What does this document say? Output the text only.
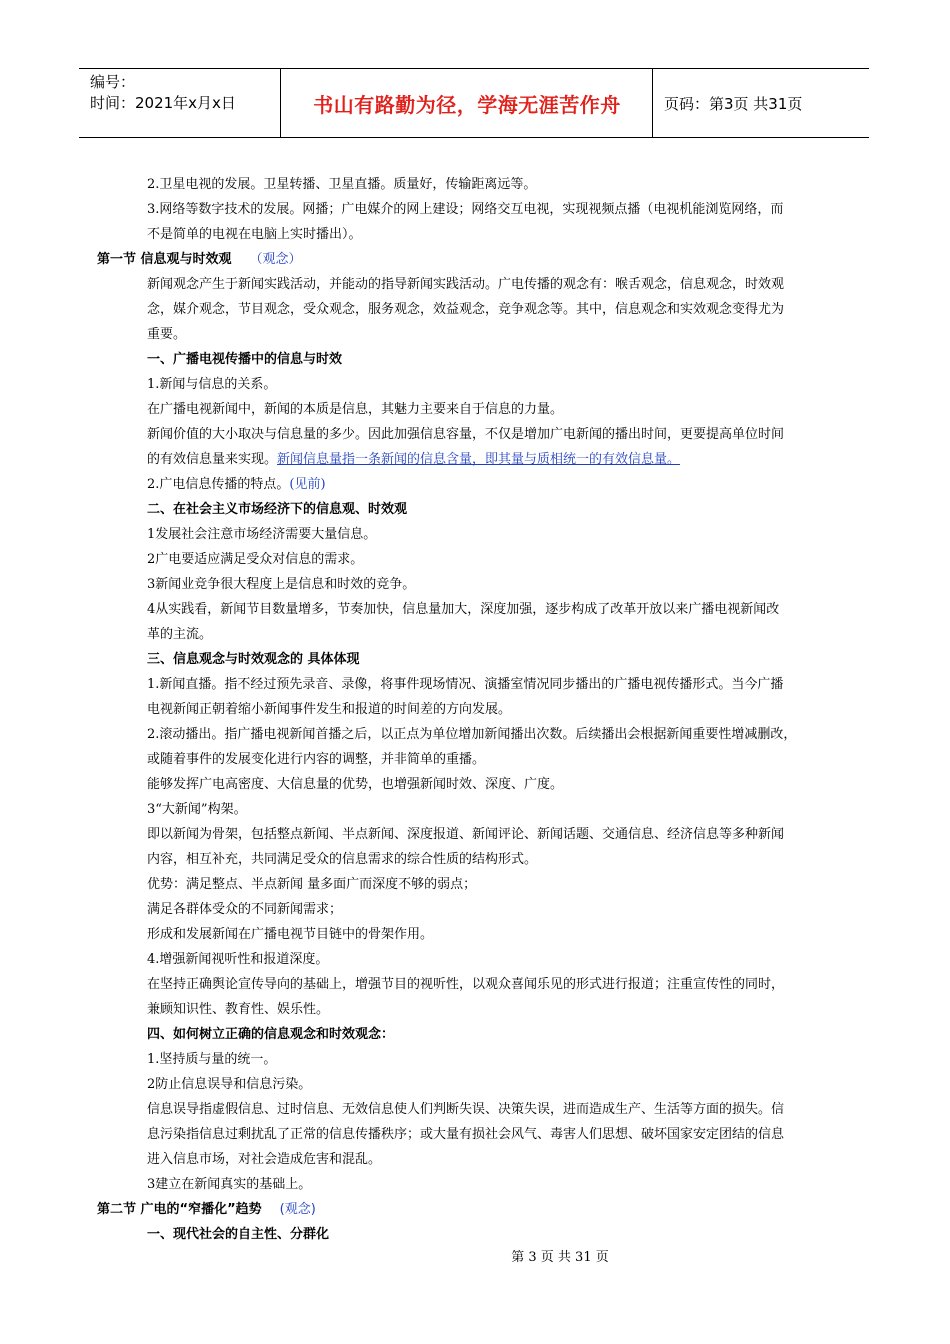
编号：
时间：2021年x月x日	书山有路勤为径，学海无涯苦作舟	页码：第3页 共31页
2.卫星电视的发展。卫星转播、卫星直播。质量好，传输距离远等。
3.网络等数字技术的发展。网播；广电媒介的网上建设；网络交互电视，实现视频点播（电视机能浏览网络，而
不是简单的电视在电脑上实时播出）。
第一节 信息观与时效观 （观念）
新闻观念产生于新闻实践活动，并能动的指导新闻实践活动。广电传播的观念有：喉舌观念，信息观念，时效观
念，媒介观念，节目观念，受众观念，服务观念，效益观念，竞争观念等。其中，信息观念和实效观念变得尤为
重要。
一、广播电视传播中的信息与时效
1.新闻与信息的关系。
在广播电视新闻中，新闻的本质是信息，其魅力主要来自于信息的力量。
新闻价值的大小取决与信息量的多少。因此加强信息容量，不仅是增加广电新闻的播出时间，更要提高单位时间
的有效信息量来实现。新闻信息量指一条新闻的信息含量，即其量与质相统一的有效信息量。
2.广电信息传播的特点。(见前)
二、在社会主义市场经济下的信息观、时效观
1发展社会注意市场经济需要大量信息。
2广电要适应满足受众对信息的需求。
3新闻业竞争很大程度上是信息和时效的竞争。
4从实践看，新闻节目数量增多，节奏加快，信息量加大，深度加强，逐步构成了改革开放以来广播电视新闻改
革的主流。
三、信息观念与时效观念的 具体体现
1.新闻直播。指不经过预先录音、录像，将事件现场情况、演播室情况同步播出的广播电视传播形式。当今广播
电视新闻正朝着缩小新闻事件发生和报道的时间差的方向发展。
2.滚动播出。指广播电视新闻首播之后，以正点为单位增加新闻播出次数。后续播出会根据新闻重要性增减删改，
或随着事件的发展变化进行内容的调整，并非简单的重播。
能够发挥广电高密度、大信息量的优势，也增强新闻时效、深度、广度。
3“大新闻”构架。
即以新闻为骨架，包括整点新闻、半点新闻、深度报道、新闻评论、新闻话题、交通信息、经济信息等多种新闻
内容，相互补充，共同满足受众的信息需求的综合性质的结构形式。
优势：满足整点、半点新闻 量多面广而深度不够的弱点；
满足各群体受众的不同新闻需求；
形成和发展新闻在广播电视节目链中的骨架作用。
4.增强新闻视听性和报道深度。
在坚持正确舆论宣传导向的基础上，增强节目的视听性，以观众喜闻乐见的形式进行报道；注重宣传性的同时，
兼顾知识性、教育性、娱乐性。
四、如何树立正确的信息观念和时效观念：
1.坚持质与量的统一。
2防止信息误导和信息污染。
信息误导指虚假信息、过时信息、无效信息使人们判断失误、决策失误，进而造成生产、生活等方面的损失。信
息污染指信息过剩扰乱了正常的信息传播秩序；或大量有损社会风气、毒害人们思想、破坏国家安定团结的信息
进入信息市场，对社会造成危害和混乱。
3建立在新闻真实的基础上。
第二节 广电的“窄播化”趋势 (观念)
一、现代社会的自主性、分群化
第 3 页 共 31 页
